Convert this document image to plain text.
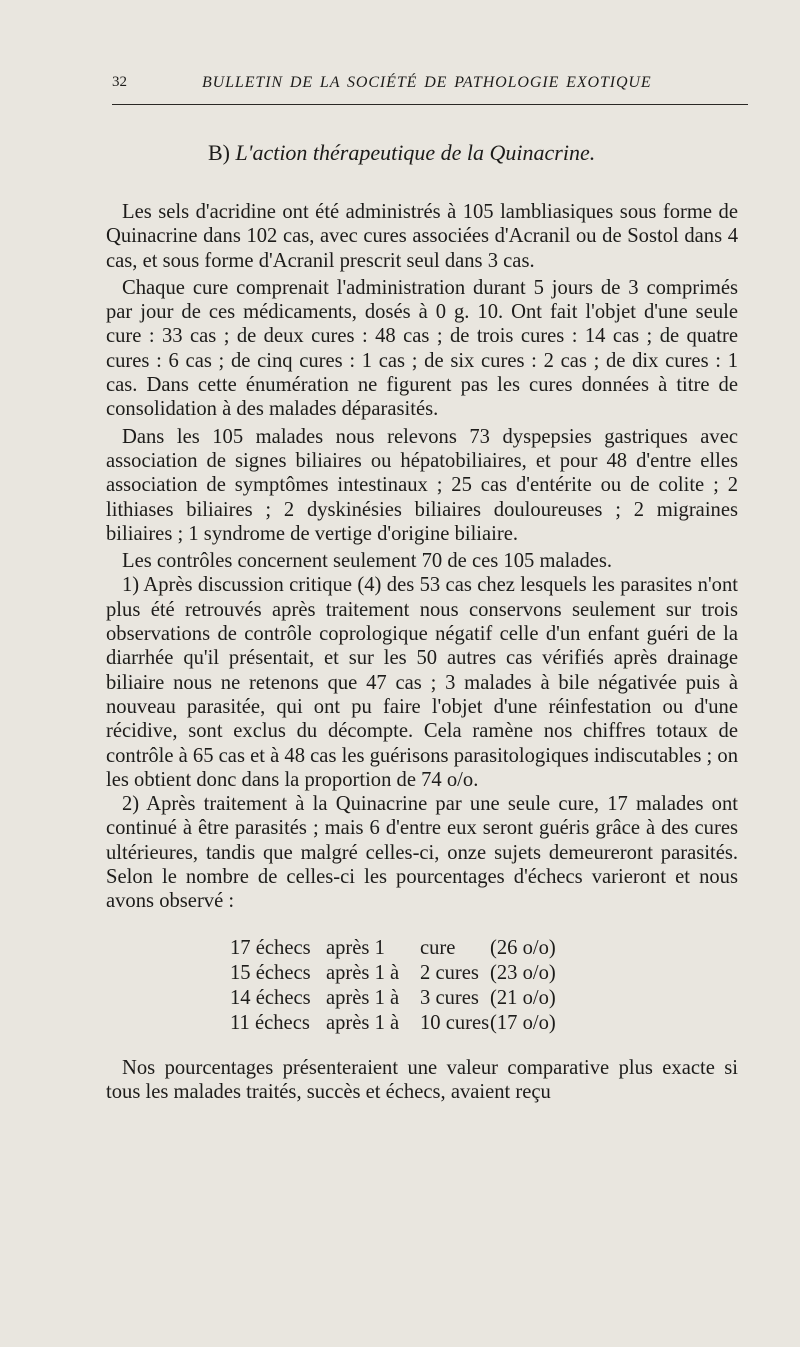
32	BULLETIN DE LA SOCIÉTÉ DE PATHOLOGIE EXOTIQUE
B) L'action thérapeutique de la Quinacrine.

Les sels d'acridine ont été administrés à 105 lambliasiques sous forme de Quinacrine dans 102 cas, avec cures associées d'Acranil ou de Sostol dans 4 cas, et sous forme d'Acranil prescrit seul dans 3 cas.

Chaque cure comprenait l'administration durant 5 jours de 3 comprimés par jour de ces médicaments, dosés à 0 g. 10. Ont fait l'objet d'une seule cure : 33 cas ; de deux cures : 48 cas ; de trois cures : 14 cas ; de quatre cures : 6 cas ; de cinq cures : 1 cas ; de six cures : 2 cas ; de dix cures : 1 cas. Dans cette énumération ne figurent pas les cures données à titre de consolidation à des malades déparasités.

Dans les 105 malades nous relevons 73 dyspepsies gastriques avec association de signes biliaires ou hépatobiliaires, et pour 48 d'entre elles association de symptômes intestinaux ; 25 cas d'entérite ou de colite ; 2 lithiases biliaires ; 2 dyskinésies biliaires douloureuses ; 2 migraines biliaires ; 1 syndrome de vertige d'origine biliaire.

Les contrôles concernent seulement 70 de ces 105 malades.

1) Après discussion critique (4) des 53 cas chez lesquels les parasites n'ont plus été retrouvés après traitement nous conservons seulement sur trois observations de contrôle coprologique négatif celle d'un enfant guéri de la diarrhée qu'il présentait, et sur les 50 autres cas vérifiés après drainage biliaire nous ne retenons que 47 cas ; 3 malades à bile négativée puis à nouveau parasitée, qui ont pu faire l'objet d'une réinfestation ou d'une récidive, sont exclus du décompte. Cela ramène nos chiffres totaux de contrôle à 65 cas et à 48 cas les guérisons parasitologiques indiscutables ; on les obtient donc dans la proportion de 74 o/o.

2) Après traitement à la Quinacrine par une seule cure, 17 malades ont continué à être parasités ; mais 6 d'entre eux seront guéris grâce à des cures ultérieures, tandis que malgré celles-ci, onze sujets demeureront parasités. Selon le nombre de celles-ci les pourcentages d'échecs varieront et nous avons observé :

17 échecs	après 1	cure	(26 o/o)
15 échecs	après 1 à	2 cures	(23 o/o)
14 échecs	après 1 à	3 cures	(21 o/o)
11 échecs	après 1 à	10 cures	(17 o/o)

Nos pourcentages présenteraient une valeur comparative plus exacte si tous les malades traités, succès et échecs, avaient reçu
